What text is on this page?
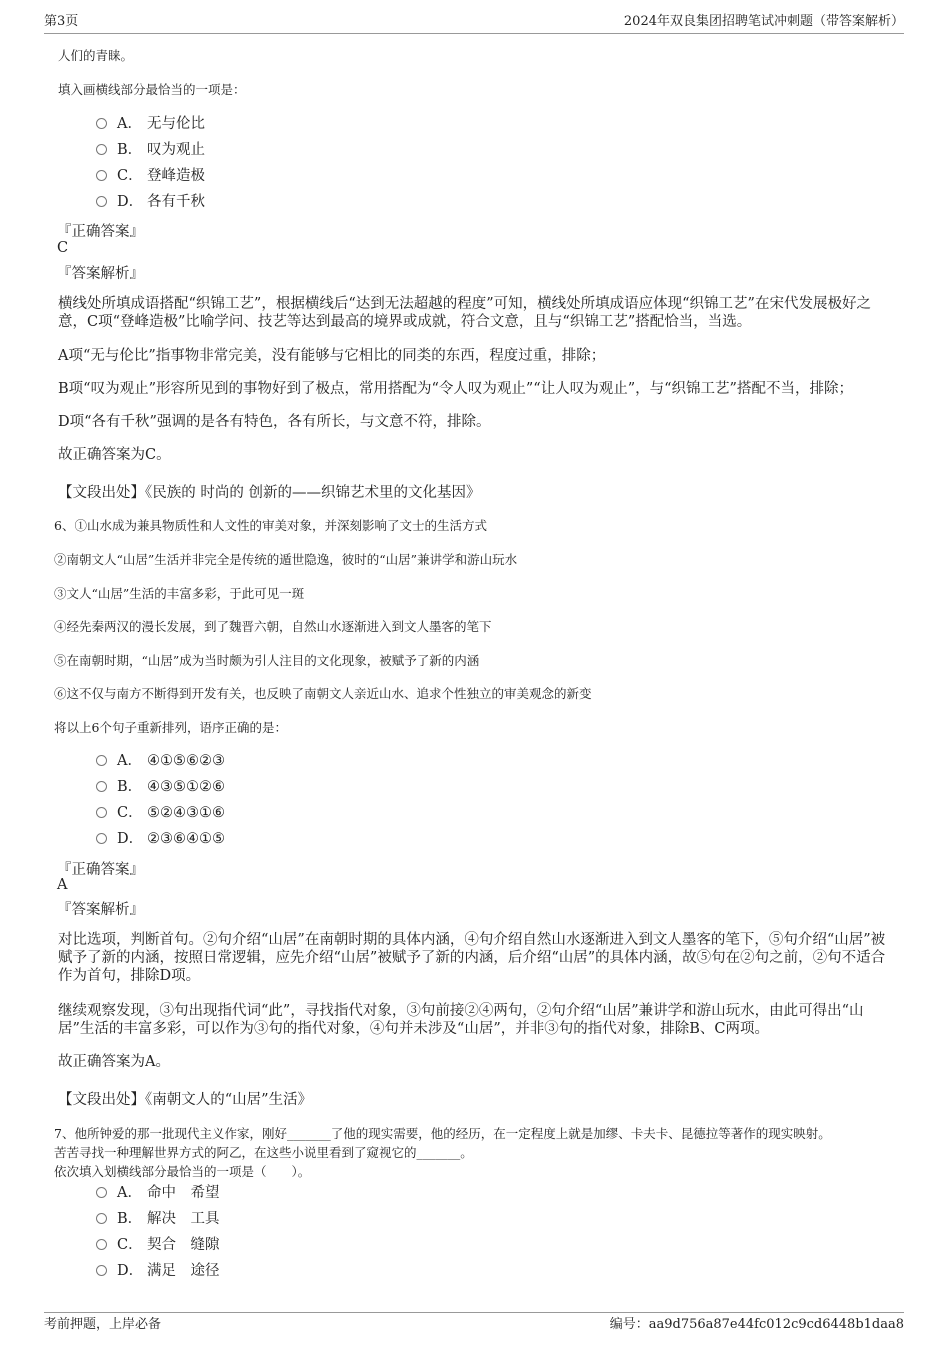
第3页	2024年双良集团招聘笔试冲刺题（带答案解析）
人们的青睐。
填入画横线部分最恰当的一项是：
A． 无与伦比
B． 叹为观止
C． 登峰造极
D． 各有千秋
『正确答案』
C
『答案解析』
横线处所填成语搭配“织锦工艺”，根据横线后“达到无法超越的程度”可知，横线处所填成语应体现“织锦工艺”在宋代发展极好之意，C项“登峰造极”比喻学问、技艺等达到最高的境界或成就，符合文意，且与“织锦工艺”搭配恰当，当选。
A项“无与伦比”指事物非常完美，没有能够与它相比的同类的东西，程度过重，排除；
B项“叹为观止”形容所见到的事物好到了极点，常用搭配为“令人叹为观止”“让人叹为观止”，与“织锦工艺”搭配不当，排除；
D项“各有千秋”强调的是各有特色，各有所长，与文意不符，排除。
故正确答案为C。
【文段出处】《民族的 时尚的 创新的——织锦艺术里的文化基因》
6、①山水成为兼具物质性和人文性的审美对象，并深刻影响了文士的生活方式
②南朝文人“山居”生活并非完全是传统的遁世隐逸，彼时的“山居”兼讲学和游山玩水
③文人“山居”生活的丰富多彩，于此可见一斑
④经先秦两汉的漫长发展，到了魏晋六朝，自然山水逐渐进入到文人墨客的笔下
⑤在南朝时期，“山居”成为当时颇为引人注目的文化现象，被赋予了新的内涵
⑥这不仅与南方不断得到开发有关，也反映了南朝文人亲近山水、追求个性独立的审美观念的新变
将以上6个句子重新排列，语序正确的是：
A． ④①⑤⑥②③
B． ④③⑤①②⑥
C． ⑤②④③①⑥
D． ②③⑥④①⑤
『正确答案』
A
『答案解析』
对比选项，判断首句。②句介绍“山居”在南朝时期的具体内涵，④句介绍自然山水逐渐进入到文人墨客的笔下，⑤句介绍“山居”被赋予了新的内涵，按照日常逻辑，应先介绍“山居”被赋予了新的内涵，后介绍“山居”的具体内涵，故⑤句在②句之前，②句不适合作为首句，排除D项。
继续观察发现，③句出现指代词“此”，寻找指代对象，③句前接②④两句，②句介绍“山居”兼讲学和游山玩水，由此可得出“山居”生活的丰富多彩，可以作为③句的指代对象，④句并未涉及“山居”，并非③句的指代对象，排除B、C两项。
故正确答案为A。
【文段出处】《南朝文人的“山居”生活》
7、他所钟爱的那一批现代主义作家，刚好_______了他的现实需要，他的经历，在一定程度上就是加缪、卡夫卡、昆德拉等著作的现实映射。
苦苦寻找一种理解世界方式的阿乙，在这些小说里看到了窥视它的_______。
依次填入划横线部分最恰当的一项是（　　）。
A． 命中　希望
B． 解决　工具
C． 契合　缝隙
D． 满足　途径
考前押题，上岸必备	编号：aa9d756a87e44fc012c9cd6448b1daa8
